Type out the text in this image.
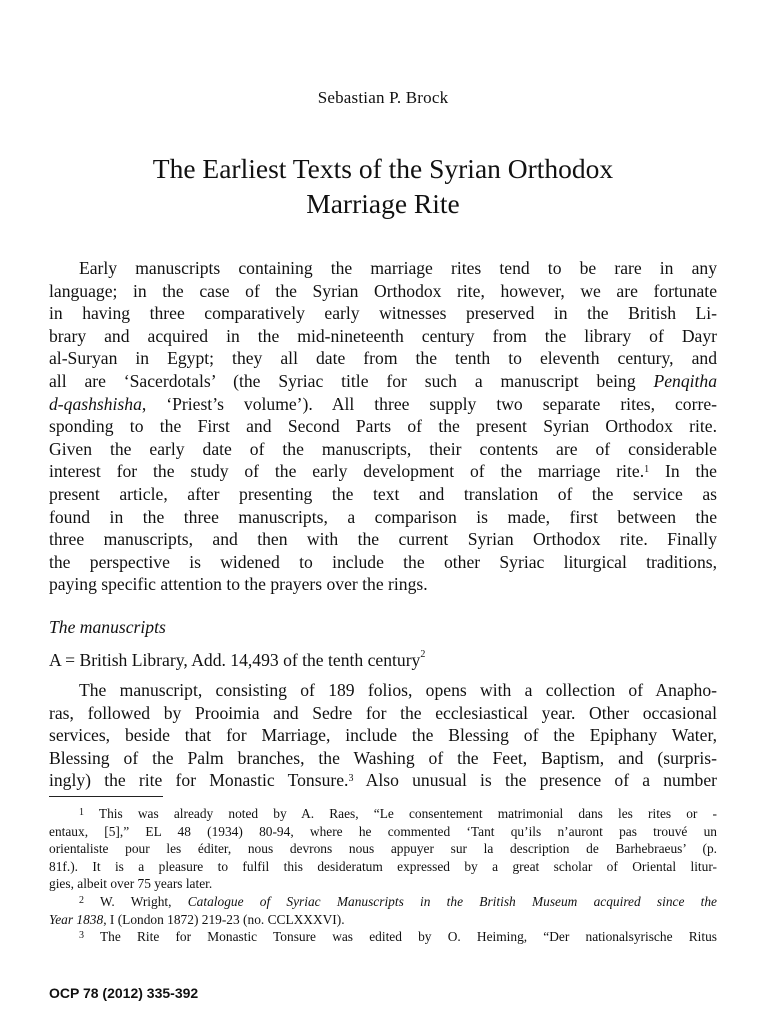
Sebastian P. Brock
The Earliest Texts of the Syrian Orthodox
Marriage Rite
Early manuscripts containing the marriage rites tend to be rare in any
language; in the case of the Syrian Orthodox rite, however, we are fortunate
in having three comparatively early witnesses preserved in the British Li-
brary and acquired in the mid-nineteenth century from the library of Dayr
al-Suryan in Egypt; they all date from the tenth to eleventh century, and
all are ‘Sacerdotals’ (the Syriac title for such a manuscript being Penqitha
d-qashshisha, ‘Priest’s volume’). All three supply two separate rites, corre-
sponding to the First and Second Parts of the present Syrian Orthodox rite.
Given the early date of the manuscripts, their contents are of considerable
interest for the study of the early development of the marriage rite.$^1$ In the
present article, after presenting the text and translation of the service as
found in the three manuscripts, a comparison is made, first between the
three manuscripts, and then with the current Syrian Orthodox rite. Finally
the perspective is widened to include the other Syriac liturgical traditions,
paying specific attention to the prayers over the rings.
The manuscripts
A = British Library, Add. 14,493 of the tenth century$^2$
The manuscript, consisting of 189 folios, opens with a collection of Anapho-
ras, followed by Prooimia and Sedre for the ecclesiastical year. Other occasional
services, beside that for Marriage, include the Blessing of the Epiphany Water,
Blessing of the Palm branches, the Washing of the Feet, Baptism, and (surpris-
ingly) the rite for Monastic Tonsure.$^3$ Also unusual is the presence of a number
$^1$ This was already noted by A. Raes, “Le consentement matrimonial dans les rites or -
entaux, [5],” EL 48 (1934) 80-94, where he commented ‘Tant qu’ils n’auront pas trouvé un
orientaliste pour les éditer, nous devrons nous appuyer sur la description de Barhebraeus’ (p.
81f.). It is a pleasure to fulfil this desideratum expressed by a great scholar of Oriental litur-
gies, albeit over 75 years later.
$^2$ W. Wright, Catalogue of Syriac Manuscripts in the British Museum acquired since the
Year 1838, I (London 1872) 219-23 (no. CCLXXXVI).
$^3$ The Rite for Monastic Tonsure was edited by O. Heiming, “Der nationalsyrische Ritus
OCP 78 (2012) 335-392
